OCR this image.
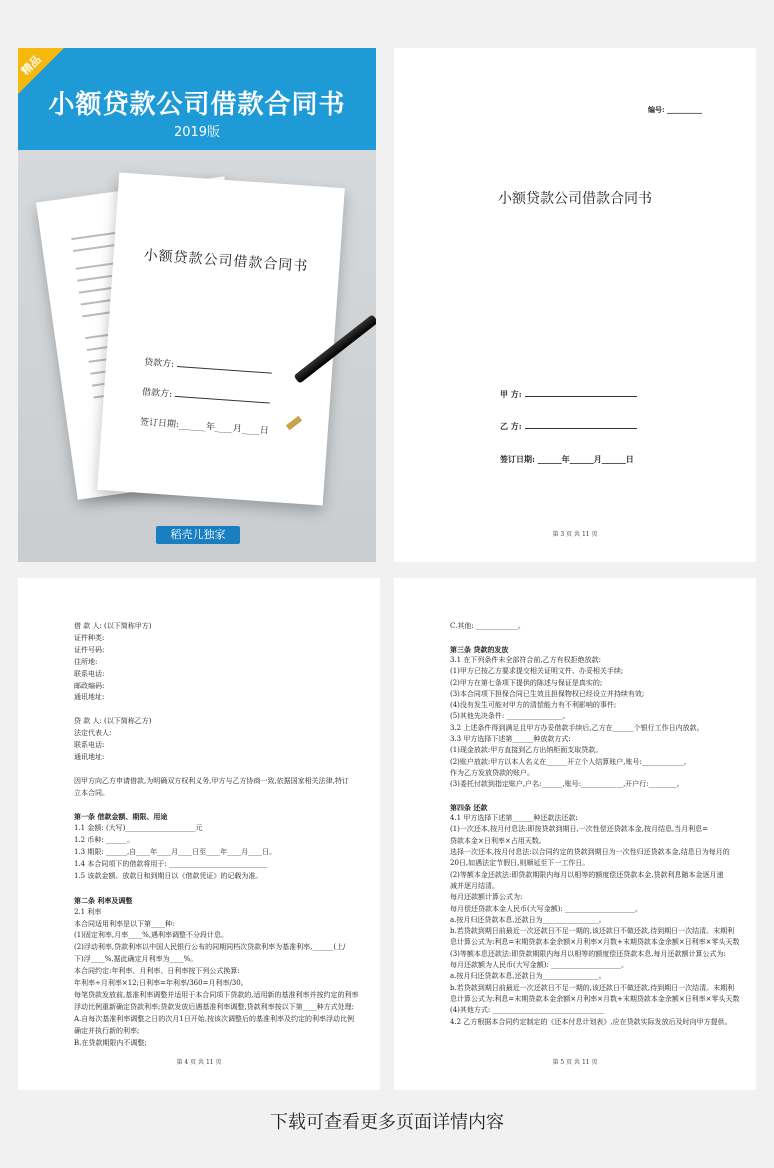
精品
小额贷款公司借款合同书
2019版
小额贷款公司借款合同书
贷款方:
借款方:
签订日期:______年____月____日
稻壳儿独家
编号: __________
小额贷款公司借款合同书
甲 方:
乙 方:
签订日期: ______年______月______日
第 3 页 共 11 页
借 款 人: (以下简称甲方)
证件种类:
证件号码:
住所地:
联系电话:
邮政编码:
通讯地址:
贷 款 人: (以下简称乙方)
法定代表人:
联系电话:
通讯地址:
因甲方向乙方申请借款,为明确双方权利义务,甲方与乙方协商一致,依据国家相关法律,特订
立本合同。
第一条 借款金额、期限、用途
1.1 金额: (大写)____________________元
1.2 币种: ______。
1.3 期限: ______,自____年____月____日至____年____月____日。
1.4 本合同项下的借款将用于: ____________________________
1.5 该款金额、放款日和到期日以《借款凭证》的记载为准。
第二条 利率及调整
2.1 利率
本合同适用利率是以下第____种:
(1)固定利率,月率____%,遇利率调整不分段计息。
(2)浮动利率,贷款利率以中国人民银行公布的同期同档次贷款利率为基准利率,______(上/
下)浮____%,据此确定月利率为____%。
本合同约定:年利率、月利率、日利率按下列公式换算:
年利率÷月利率×12;日利率=年利率/360=月利率/30。
每笔贷款发放前,基准利率调整并适用于本合同项下贷款的,适用新的基准利率并按约定的利率
浮动比例重新确定贷款利率;贷款发放后遇基准利率调整,贷款利率按以下第____种方式处理:
A.自每次基准利率调整之日的次月1日开始,按该次调整后的基准利率及约定的利率浮动比例
确定并执行新的利率;
B.在贷款期限内不调整;
第 4 页 共 11 页
C.其他: ____________。
第三条 贷款的发放
3.1 在下列条件未全部符合前,乙方有权拒绝放款:
(1)甲方已按乙方要求提交相关证明文件、办妥相关手续;
(2)甲方在第七条项下提供的陈述与保证是真实的;
(3)本合同项下担保合同已生效且担保物权已经设立并持续有效;
(4)没有发生可能对甲方的清偿能力有不利影响的事件;
(5)其他先决条件: ________________。
3.2 上述条件得到满足且甲方办妥借款手续后,乙方在______个银行工作日内放款。
3.3 甲方选择下述第______种放款方式:
(1)现金放款:甲方直接到乙方出纳柜面支取贷款。
(2)账户放款:甲方以本人名义在______开立个人结算账户,账号:____________,
作为乙方发放贷款的账户。
(3)委托付款到指定账户,户名:______,账号:____________,开户行:________。
第四条 还款
4.1 甲方选择下述第______种还款法还款:
(1)一次还本,按月付息法:即按贷款到期日,一次性偿还贷款本金,按月结息,当月利息=
贷款本金×日利率×占用天数。
选择一次还本,按月付息法:以合同约定的贷款到期日为一次性归还贷款本金,结息日为每月的
20日,如遇法定节假日,则顺延至下一工作日。
(2)等额本金还款法:即贷款期限内每月以相等的额度偿还贷款本金,贷款利息随本金逐月递
减并逐月结清。
每月还款额计算公式为:
每月偿还贷款本金人民币(大写金额): ____________________。
a.按月归还贷款本息,还款日为________________。
b.若贷款到期日前最近一次还款日不足一期的,该还款日不做还款,待到期日一次结清。末期利
息计算公式为:利息=末期贷款本金余额×月利率×月数+末期贷款本金余额×日利率×零头天数
(3)等额本息还款法:即贷款期限内每月以相等的额度偿还贷款本息,每月还款额计算公式为:
每月还款额为人民币(大写金额): ____________________。
a.按月归还贷款本息,还款日为________________。
b.若贷款到期日前最近一次还款日不足一期的,该还款日不做还款,待到期日一次结清。末期利
息计算公式为:利息=末期贷款本金余额×月利率×月数+末期贷款本金余额×日利率×零头天数
(4)其他方式: ________________________________
4.2 乙方根据本合同约定制定的《还本付息计划表》,应在贷款实际发放后及时向甲方提供。
第 5 页 共 11 页
下载可查看更多页面详情内容
